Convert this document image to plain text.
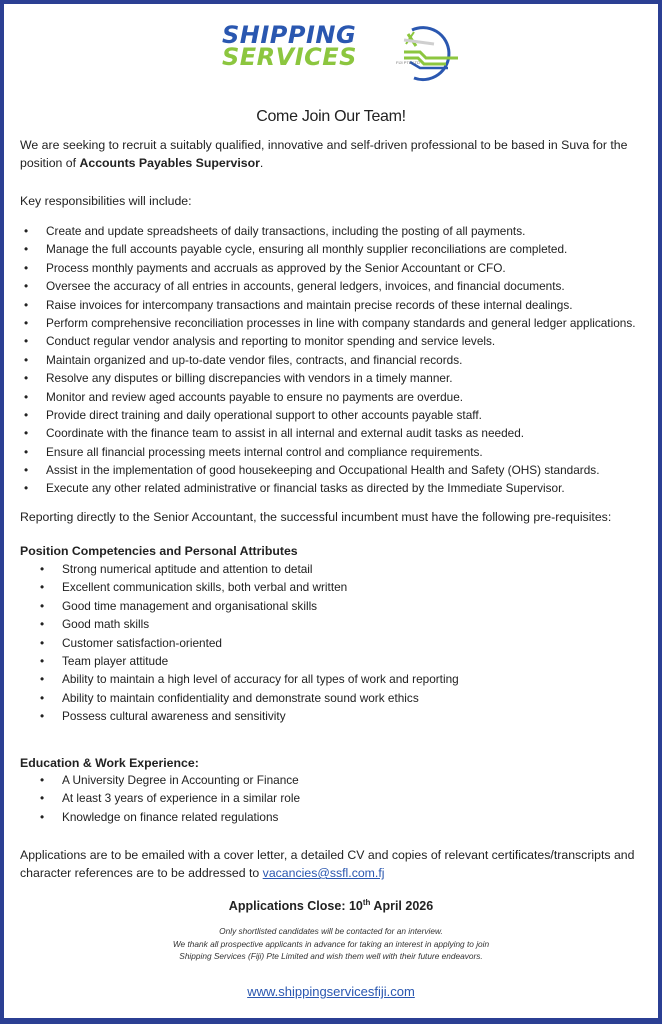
SHIPPING
SERVICES	FIJI PTE LTD
Come Join Our Team!
We are seeking to recruit a suitably qualified, innovative and self-driven professional to be based in Suva for the position of Accounts Payables Supervisor.
Key responsibilities will include:
• Create and update spreadsheets of daily transactions, including the posting of all payments.
• Manage the full accounts payable cycle, ensuring all monthly supplier reconciliations are completed.
• Process monthly payments and accruals as approved by the Senior Accountant or CFO.
• Oversee the accuracy of all entries in accounts, general ledgers, invoices, and financial documents.
• Raise invoices for intercompany transactions and maintain precise records of these internal dealings.
• Perform comprehensive reconciliation processes in line with company standards and general ledger applications.
• Conduct regular vendor analysis and reporting to monitor spending and service levels.
• Maintain organized and up-to-date vendor files, contracts, and financial records.
• Resolve any disputes or billing discrepancies with vendors in a timely manner.
• Monitor and review aged accounts payable to ensure no payments are overdue.
• Provide direct training and daily operational support to other accounts payable staff.
• Coordinate with the finance team to assist in all internal and external audit tasks as needed.
• Ensure all financial processing meets internal control and compliance requirements.
• Assist in the implementation of good housekeeping and Occupational Health and Safety (OHS) standards.
• Execute any other related administrative or financial tasks as directed by the Immediate Supervisor.
Reporting directly to the Senior Accountant, the successful incumbent must have the following pre-requisites:
Position Competencies and Personal Attributes
• Strong numerical aptitude and attention to detail
• Excellent communication skills, both verbal and written
• Good time management and organisational skills
• Good math skills
• Customer satisfaction-oriented
• Team player attitude
• Ability to maintain a high level of accuracy for all types of work and reporting
• Ability to maintain confidentiality and demonstrate sound work ethics
• Possess cultural awareness and sensitivity
Education & Work Experience:
• A University Degree in Accounting or Finance
• At least 3 years of experience in a similar role
• Knowledge on finance related regulations
Applications are to be emailed with a cover letter, a detailed CV and copies of relevant certificates/transcripts and character references are to be addressed to vacancies@ssfl.com.fj
Applications Close: 10th April 2026
Only shortlisted candidates will be contacted for an interview.
We thank all prospective applicants in advance for taking an interest in applying to join
Shipping Services (Fiji) Pte Limited and wish them well with their future endeavors.
www.shippingservicesfiji.com
